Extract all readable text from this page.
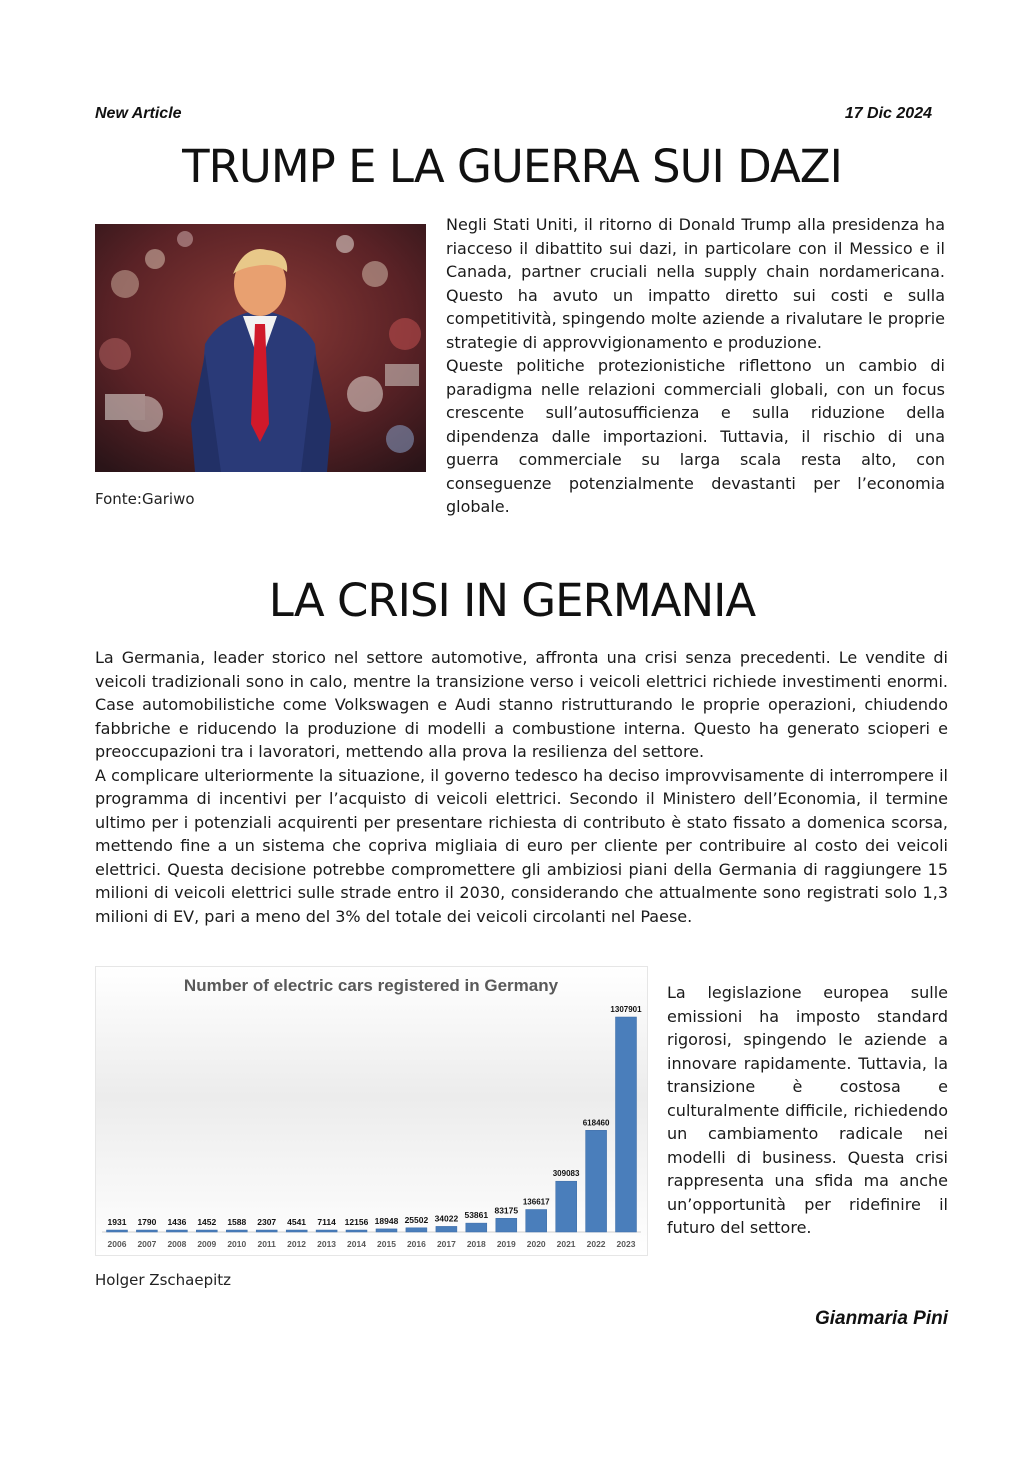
New Article	17 Dic 2024
TRUMP E LA GUERRA SUI DAZI
Fonte:Gariwo

Negli Stati Uniti, il ritorno di Donald Trump alla presidenza ha riacceso il dibattito sui dazi, in particolare con il Messico e il Canada, partner cruciali nella supply chain nordamericana. Questo ha avuto un impatto diretto sui costi e sulla competitività, spingendo molte aziende a rivalutare le proprie strategie di approvvigionamento e produzione.

Queste politiche protezionistiche riflettono un cambio di paradigma nelle relazioni commerciali globali, con un focus crescente sull’autosufficienza e sulla riduzione della dipendenza dalle importazioni. Tuttavia, il rischio di una guerra commerciale su larga scala resta alto, con conseguenze potenzialmente devastanti per l’economia globale.

LA CRISI IN GERMANIA

La Germania, leader storico nel settore automotive, affronta una crisi senza precedenti. Le vendite di veicoli tradizionali sono in calo, mentre la transizione verso i veicoli elettrici richiede investimenti enormi. Case automobilistiche come Volkswagen e Audi stanno ristrutturando le proprie operazioni, chiudendo fabbriche e riducendo la produzione di modelli a combustione interna. Questo ha generato scioperi e preoccupazioni tra i lavoratori, mettendo alla prova la resilienza del settore.

A complicare ulteriormente la situazione, il governo tedesco ha deciso improvvisamente di interrompere il programma di incentivi per l’acquisto di veicoli elettrici. Secondo il Ministero dell’Economia, il termine ultimo per i potenziali acquirenti per presentare richiesta di contributo è stato fissato a domenica scorsa, mettendo fine a un sistema che copriva migliaia di euro per cliente per contribuire al costo dei veicoli elettrici. Questa decisione potrebbe compromettere gli ambiziosi piani della Germania di raggiungere 15 milioni di veicoli elettrici sulle strade entro il 2030, considerando che attualmente sono registrati solo 1,3 milioni di EV, pari a meno del 3% del totale dei veicoli circolanti nel Paese.

Number of electric cars registered in Germany
1931
2006
1790
2007
1436
2008
1452
2009
1588
2010
2307
2011
4541
2012
7114
2013
12156
2014
18948
2015
25502
2016
34022
2017
53861
2018
83175
2019
136617
2020
309083
2021
618460
2022
1307901
2023
Holger Zschaepitz
La legislazione europea sulle emissioni ha imposto standard rigorosi, spingendo le aziende a innovare rapidamente. Tuttavia, la transizione è costosa e culturalmente difficile, richiedendo un cambiamento radicale nei modelli di business. Questa crisi rappresenta una sfida ma anche un’opportunità per ridefinire il futuro del settore.
Gianmaria Pini
